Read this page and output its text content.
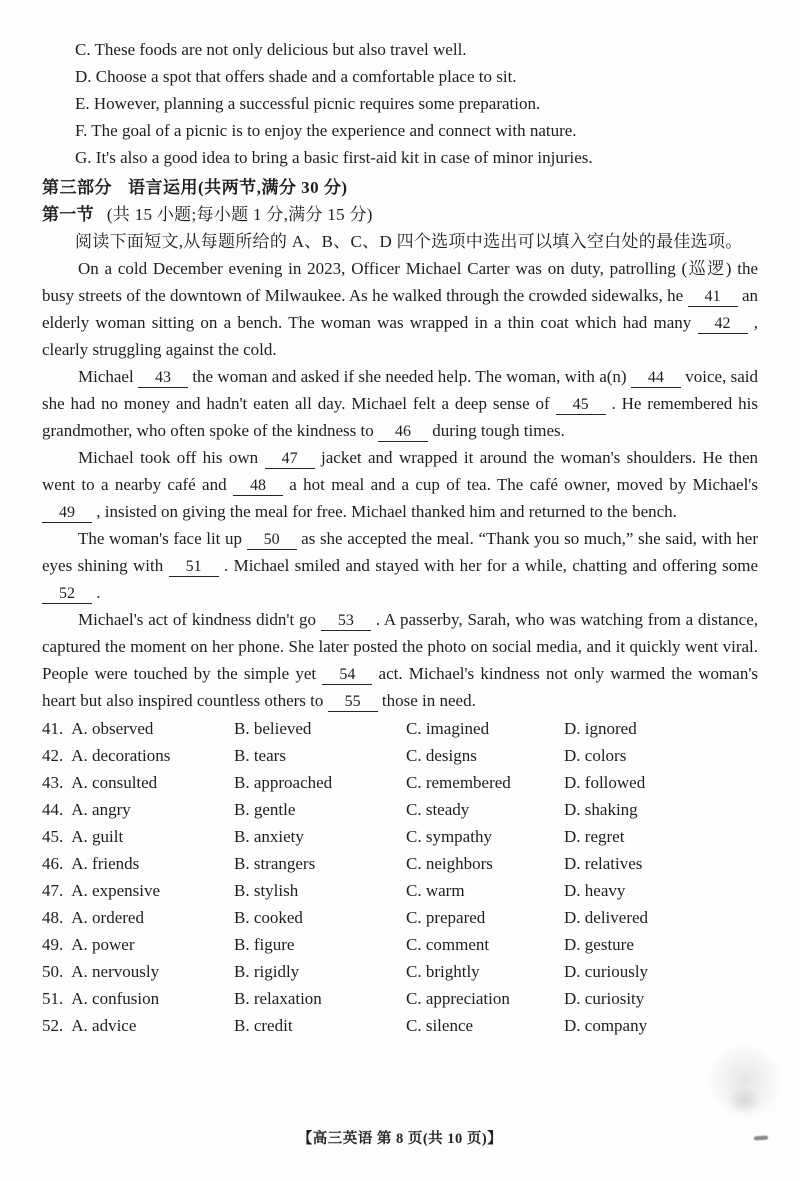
C. These foods are not only delicious but also travel well.
D. Choose a spot that offers shade and a comfortable place to sit.
E. However, planning a successful picnic requires some preparation.
F. The goal of a picnic is to enjoy the experience and connect with nature.
G. It's also a good idea to bring a basic first-aid kit in case of minor injuries.
第三部分 语言运用(共两节,满分 30 分)
第一节 (共 15 小题;每小题 1 分,满分 15 分)
阅读下面短文,从每题所给的 A、B、C、D 四个选项中选出可以填入空白处的最佳选项。

On a cold December evening in 2023, Officer Michael Carter was on duty, patrolling (巡逻) the busy streets of the downtown of Milwaukee. As he walked through the crowded sidewalks, he 41 an elderly woman sitting on a bench. The woman was wrapped in a thin coat which had many 42 , clearly struggling against the cold.

Michael 43 the woman and asked if she needed help. The woman, with a(n) 44 voice, said she had no money and hadn't eaten all day. Michael felt a deep sense of 45 . He remembered his grandmother, who often spoke of the kindness to 46 during tough times.

Michael took off his own 47 jacket and wrapped it around the woman's shoulders. He then went to a nearby café and 48 a hot meal and a cup of tea. The café owner, moved by Michael's 49 , insisted on giving the meal for free. Michael thanked him and returned to the bench.

The woman's face lit up 50 as she accepted the meal. “Thank you so much,” she said, with her eyes shining with 51 . Michael smiled and stayed with her for a while, chatting and offering some 52 .

Michael's act of kindness didn't go 53 . A passerby, Sarah, who was watching from a distance, captured the moment on her phone. She later posted the photo on social media, and it quickly went viral. People were touched by the simple yet 54 act. Michael's kindness not only warmed the woman's heart but also inspired countless others to 55 those in need.

41. A. observed	B. believed	C. imagined	D. ignored
42. A. decorations	B. tears	C. designs	D. colors
43. A. consulted	B. approached	C. remembered	D. followed
44. A. angry	B. gentle	C. steady	D. shaking
45. A. guilt	B. anxiety	C. sympathy	D. regret
46. A. friends	B. strangers	C. neighbors	D. relatives
47. A. expensive	B. stylish	C. warm	D. heavy
48. A. ordered	B. cooked	C. prepared	D. delivered
49. A. power	B. figure	C. comment	D. gesture
50. A. nervously	B. rigidly	C. brightly	D. curiously
51. A. confusion	B. relaxation	C. appreciation	D. curiosity
52. A. advice	B. credit	C. silence	D. company
【高三英语 第 8 页(共 10 页)】
